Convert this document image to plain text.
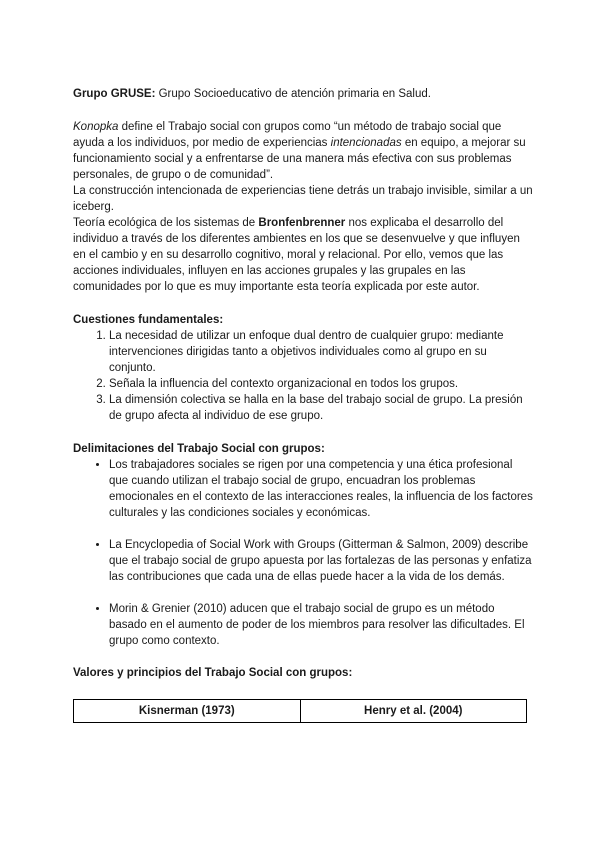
Grupo GRUSE: Grupo Socioeducativo de atención primaria en Salud.

Konopka define el Trabajo social con grupos como “un método de trabajo social que ayuda a los individuos, por medio de experiencias intencionadas en equipo, a mejorar su funcionamiento social y a enfrentarse de una manera más efectiva con sus problemas personales, de grupo o de comunidad”.

La construcción intencionada de experiencias tiene detrás un trabajo invisible, similar a un iceberg.

Teoría ecológica de los sistemas de Bronfenbrenner nos explicaba el desarrollo del individuo a través de los diferentes ambientes en los que se desenvuelve y que influyen en el cambio y en su desarrollo cognitivo, moral y relacional. Por ello, vemos que las acciones individuales, influyen en las acciones grupales y las grupales en las comunidades por lo que es muy importante esta teoría explicada por este autor.

Cuestiones fundamentales:

1. La necesidad de utilizar un enfoque dual dentro de cualquier grupo: mediante intervenciones dirigidas tanto a objetivos individuales como al grupo en su conjunto.
2. Señala la influencia del contexto organizacional en todos los grupos.
3. La dimensión colectiva se halla en la base del trabajo social de grupo. La presión de grupo afecta al individuo de ese grupo.

Delimitaciones del Trabajo Social con grupos:

• Los trabajadores sociales se rigen por una competencia y una ética profesional que cuando utilizan el trabajo social de grupo, encuadran los problemas emocionales en el contexto de las interacciones reales, la influencia de los factores culturales y las condiciones sociales y económicas.
• La Encyclopedia of Social Work with Groups (Gitterman & Salmon, 2009) describe que el trabajo social de grupo apuesta por las fortalezas de las personas y enfatiza las contribuciones que cada una de ellas puede hacer a la vida de los demás.
• Morin & Grenier (2010) aducen que el trabajo social de grupo es un método basado en el aumento de poder de los miembros para resolver las dificultades. El grupo como contexto.

Valores y principios del Trabajo Social con grupos:

Kisnerman (1973)	Henry et al. (2004)
